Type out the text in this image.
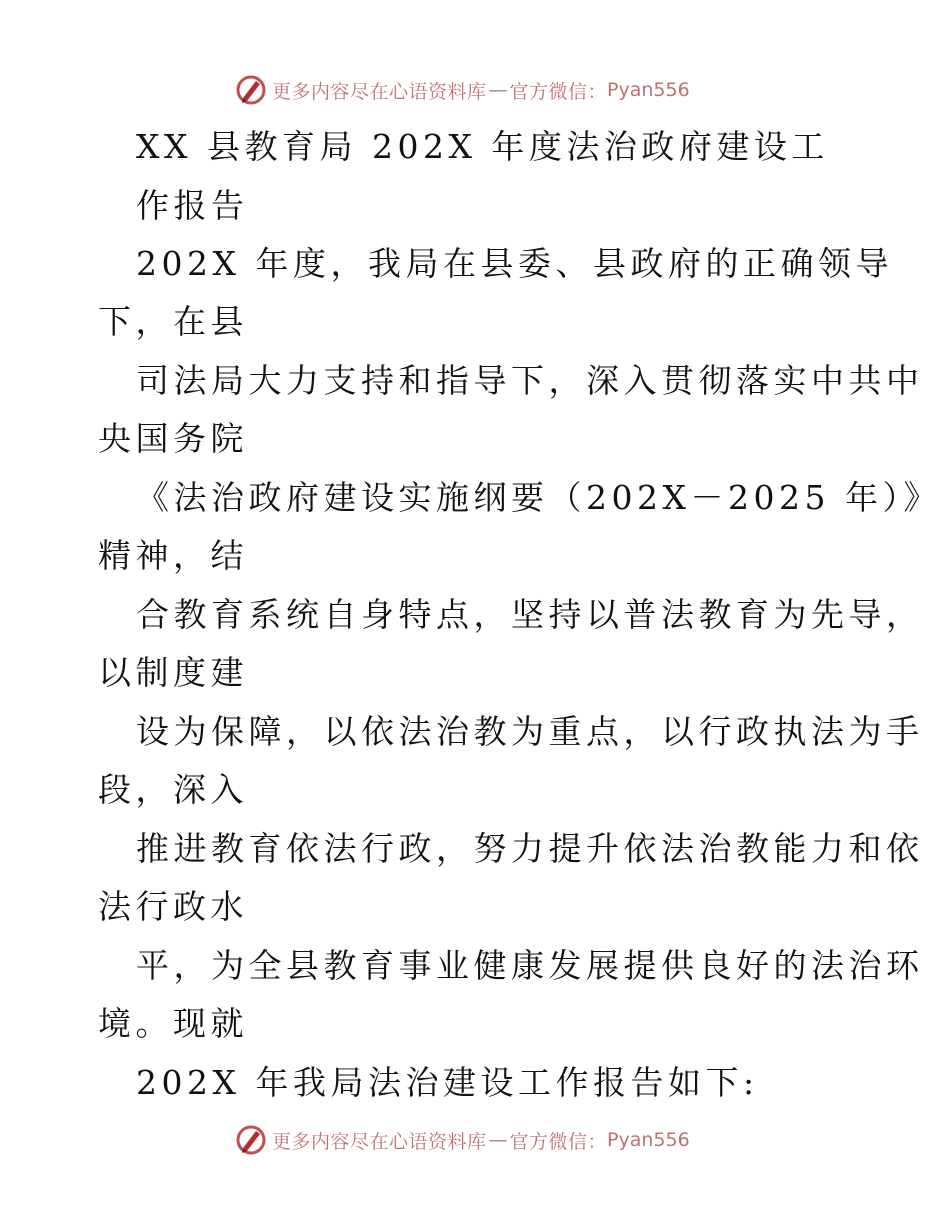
更多内容尽在心语资料库 — 官方微信： Pyan556
XX 县教育局 202X 年度法治政府建设工
作报告
202X 年度，我局在县委、县政府的正确领导
下，在县
司法局大力支持和指导下，深入贯彻落实中共中
央国务院
《法治政府建设实施纲要（202X－2025 年）》
精神，结
合教育系统自身特点，坚持以普法教育为先导，
以制度建
设为保障，以依法治教为重点，以行政执法为手
段，深入
推进教育依法行政，努力提升依法治教能力和依
法行政水
平，为全县教育事业健康发展提供良好的法治环
境。现就
202X 年我局法治建设工作报告如下:
更多内容尽在心语资料库 — 官方微信： Pyan556
